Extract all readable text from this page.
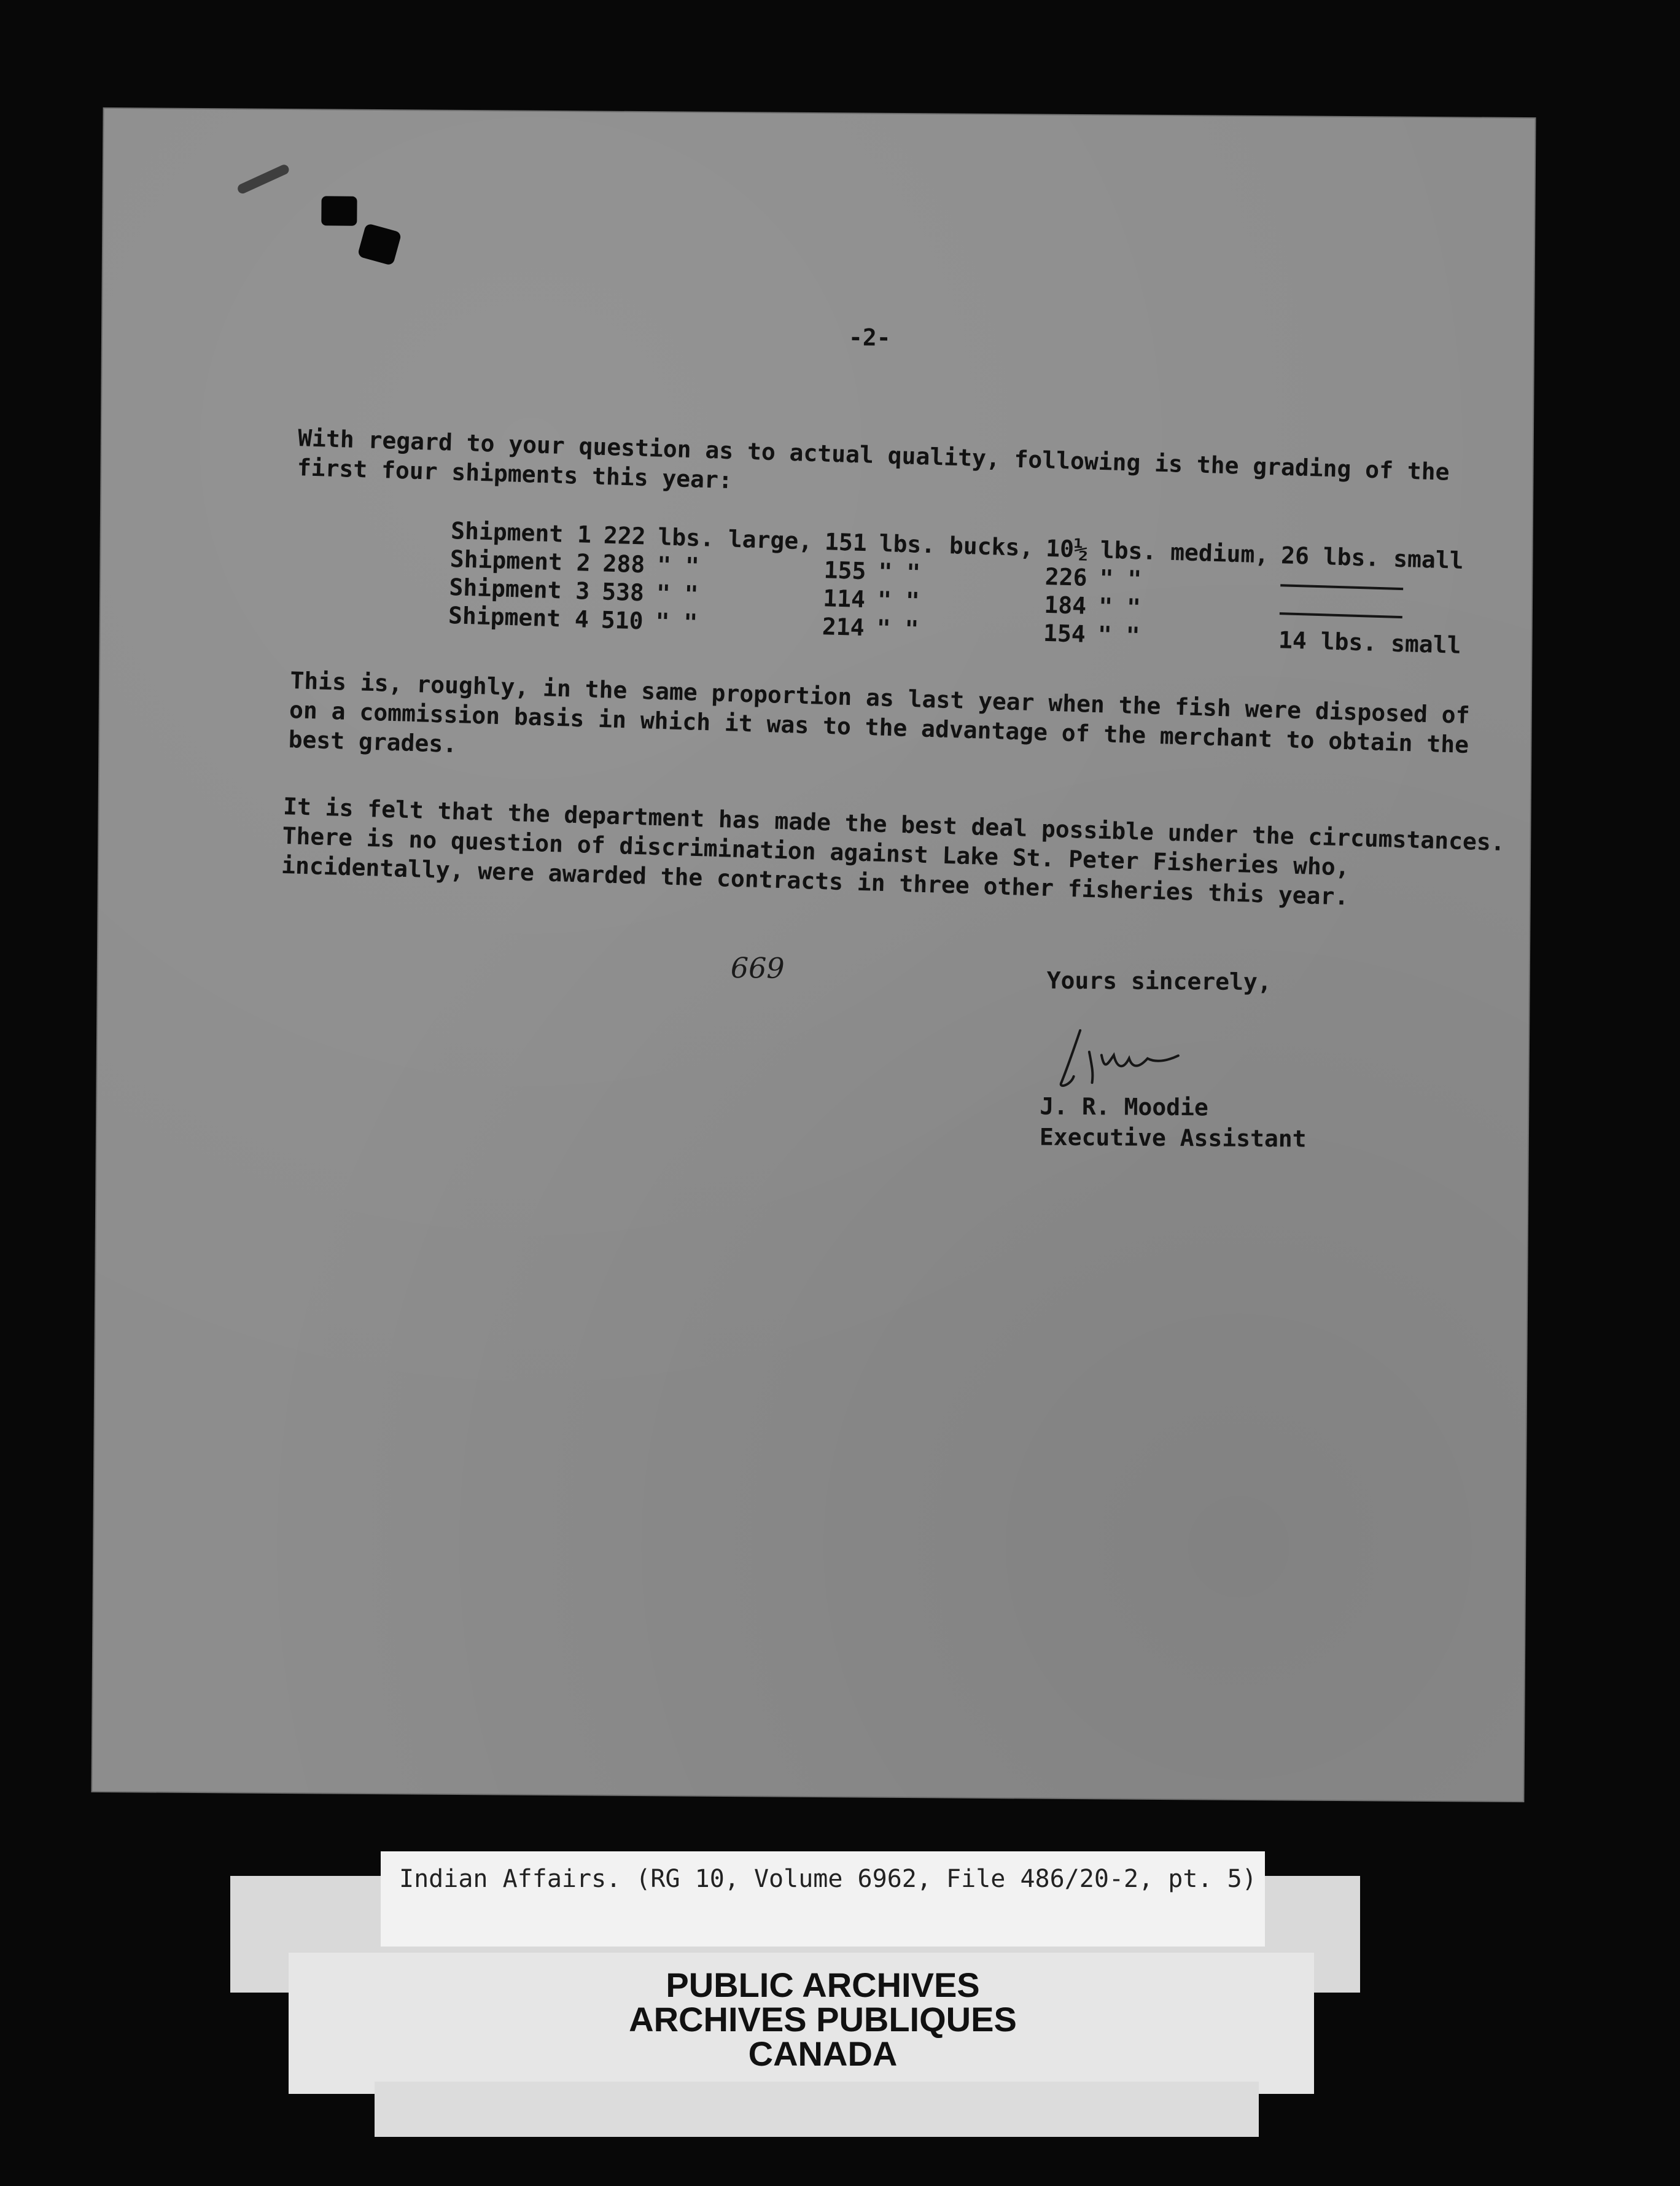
-2-
With regard to your question as to actual quality, following is the grading of the first four shipments this year:
Shipment 1	222	lbs. large,	151	lbs. bucks,	10½	lbs. medium,	26 lbs. small
Shipment 2	288	" "	155	" "	226	" "	
Shipment 3	538	" "	114	" "	184	" "	
Shipment 4	510	" "	214	" "	154	" "	14 lbs. small
This is, roughly, in the same proportion as last year when the fish were disposed of on a commission basis in which it was to the advantage of the merchant to obtain the best grades.
It is felt that the department has made the best deal possible under the circumstances. There is no question of discrimination against Lake St. Peter Fisheries who, incidentally, were awarded the contracts in three other fisheries this year.
669	Yours sincerely,
J. R. Moodie
Executive Assistant
Indian Affairs. (RG 10, Volume 6962, File 486/20-2, pt. 5)
PUBLIC ARCHIVES
ARCHIVES PUBLIQUES
CANADA
